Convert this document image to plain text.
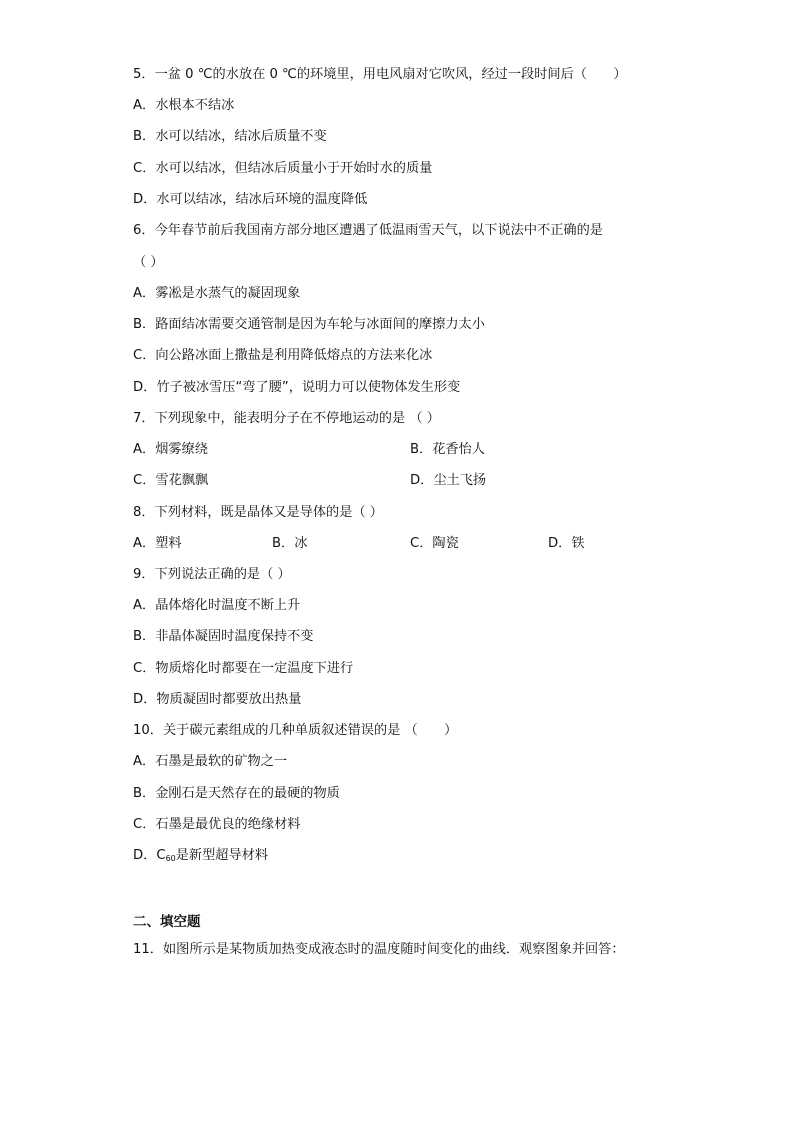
5．一盆 0 ℃的水放在 0 ℃的环境里，用电风扇对它吹风，经过一段时间后（　　）
A．水根本不结冰
B．水可以结冰，结冰后质量不变
C．水可以结冰，但结冰后质量小于开始时水的质量
D．水可以结冰，结冰后环境的温度降低
6．今年春节前后我国南方部分地区遭遇了低温雨雪天气，以下说法中不正确的是
（ ）
A．雾凇是水蒸气的凝固现象
B．路面结冰需要交通管制是因为车轮与冰面间的摩擦力太小
C．向公路冰面上撒盐是利用降低熔点的方法来化冰
D．竹子被冰雪压“弯了腰”，说明力可以使物体发生形变
7．下列现象中，能表明分子在不停地运动的是 （ ）
A．烟雾缭绕	B．花香怡人
C．雪花飘飘	D．尘土飞扬
8．下列材料，既是晶体又是导体的是（ ）
A．塑料	B．冰	C．陶瓷	D．铁
9．下列说法正确的是（ ）
A．晶体熔化时温度不断上升
B．非晶体凝固时温度保持不变
C．物质熔化时都要在一定温度下进行
D．物质凝固时都要放出热量
10．关于碳元素组成的几种单质叙述错误的是 （　　）
A．石墨是最软的矿物之一
B．金刚石是天然存在的最硬的物质
C．石墨是最优良的绝缘材料
D．$C_{60}$是新型超导材料
二、填空题
11．如图所示是某物质加热变成液态时的温度随时间变化的曲线．观察图象并回答：
